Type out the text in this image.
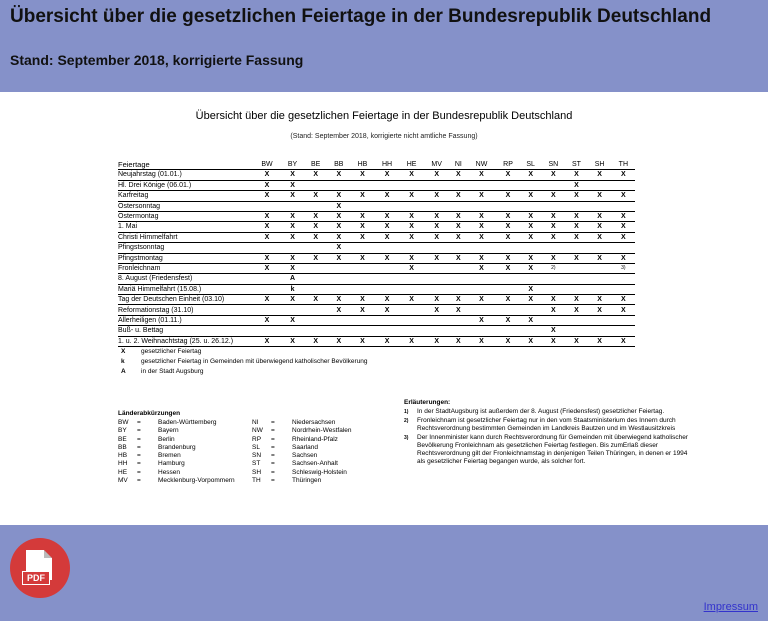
Übersicht über die gesetzlichen Feiertage in der Bundesrepublik Deutschland
Stand: September 2018, korrigierte Fassung
Übersicht über die gesetzlichen Feiertage in der Bundesrepublik Deutschland
(Stand: September 2018, korrigierte nicht amtliche Fassung)
Feiertage	BW	BY	BE	BB	HB	HH	HE	MV	NI	NW	RP	SL	SN	ST	SH	TH
Neujahrstag (01.01.)	X	X	X	X	X	X	X	X	X	X	X	X	X	X	X	X
Hl. Drei Könige (06.01.)	X	X												X		
Karfreitag	X	X	X	X	X	X	X	X	X	X	X	X	X	X	X	X
Ostersonntag				X												
Ostermontag	X	X	X	X	X	X	X	X	X	X	X	X	X	X	X	X
1. Mai	X	X	X	X	X	X	X	X	X	X	X	X	X	X	X	X
Christi Himmelfahrt	X	X	X	X	X	X	X	X	X	X	X	X	X	X	X	X
Pfingstsonntag				X												
Pfingstmontag	X	X	X	X	X	X	X	X	X	X	X	X	X	X	X	X
Fronleichnam	X	X					X			X	X	X	2)			3)
8. August (Friedensfest)		A														
Mariä Himmelfahrt (15.08.)		k										X				
Tag der Deutschen Einheit (03.10)	X	X	X	X	X	X	X	X	X	X	X	X	X	X	X	X
Reformationstag (31.10)				X	X	X		X	X				X	X	X	X
Allerheiligen (01.11.)	X	X								X	X	X				
Buß- u. Bettag													X			
1. u. 2. Weihnachtstag (25. u. 26.12.)	X	X	X	X	X	X	X	X	X	X	X	X	X	X	X	X
X gesetzlicher Feiertag
k	gesetzlicher Feiertag in Gemeinden mit überwiegend katholischer Bevölkerung
A in der Stadt Augsburg
Länderabkürzungen
BW =	Baden-Württemberg
BY =	Bayern
BE =	Berlin
BB =	Brandenburg
HB =	Bremen
HH =	Hamburg
HE =	Hessen
MV =	Mecklenburg-Vorpommern
NI =	Niedersachsen
NW =	Nordrhein-Westfalen
RP =	Rheinland-Pfalz
SL =	Saarland
SN =	Sachsen
ST =	Sachsen-Anhalt
SH =	Schleswig-Holstein
TH =	Thüringen
Erläuterungen:
1) In der StadtAugsburg ist außerdem der 8. August (Friedensfest) gesetzlicher Feiertag.
2) Fronleichnam ist gesetzlicher Feiertag nur in den vom Staatsministerium des Innern durch Rechtsverordnung bestimmten Gemeinden im Landkreis Bautzen und im Westlausitzkreis
3) Der Innenminister kann durch Rechtsverordnung für Gemeinden mit überwiegend katholischer Bevölkerung Fronleichnam als gesetzlichen Feiertag festlegen. Bis zumErlaß dieser Rechtsverordnung gilt der Fronleichnamstag in denjenigen Teilen Thüringen, in denen er 1994 als gesetzlicher Feiertag begangen wurde, als solcher fort.
PDF
Impressum
